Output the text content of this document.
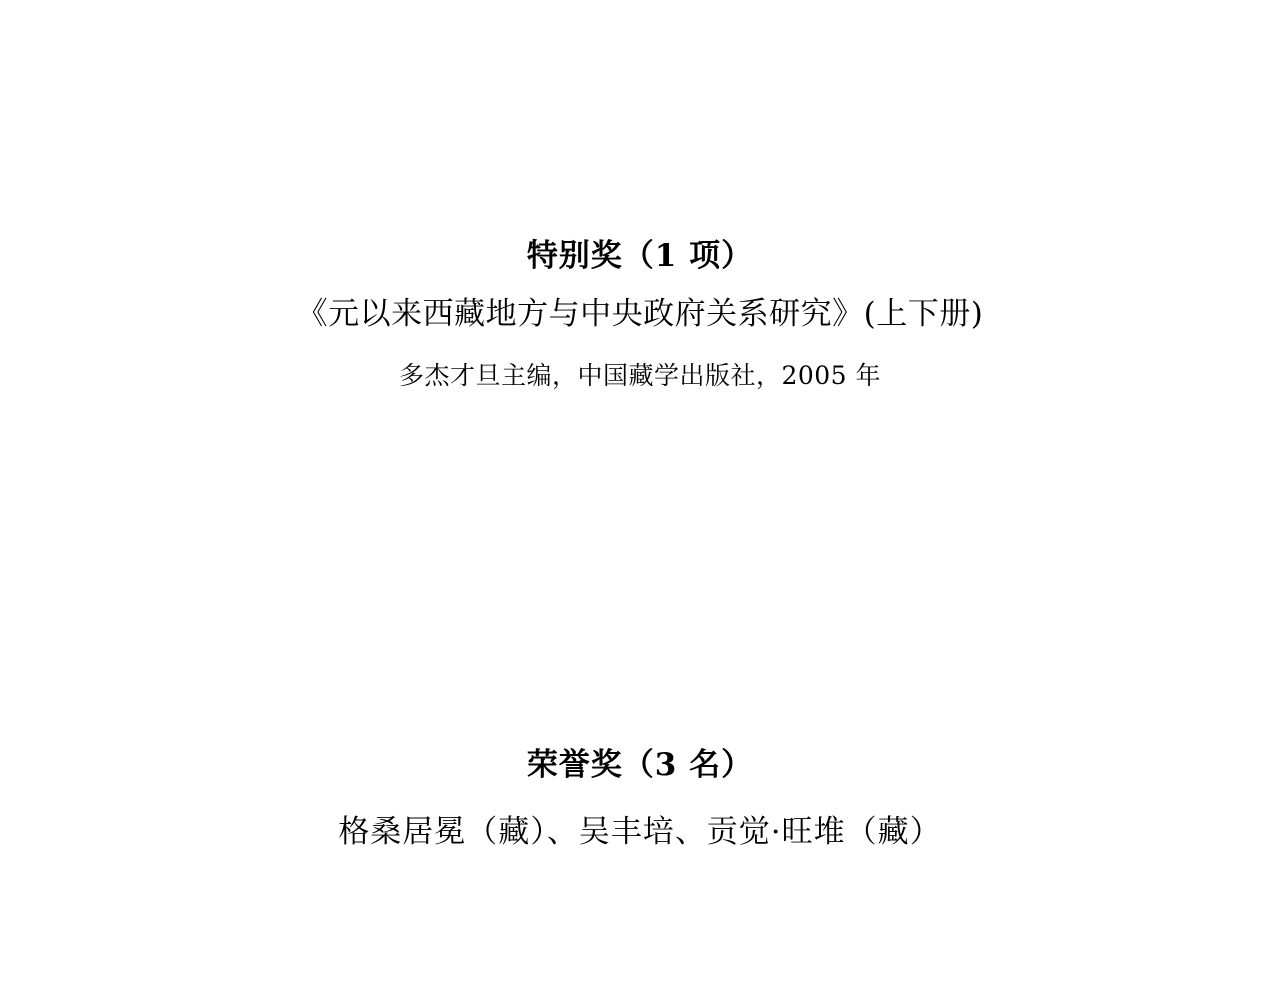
特别奖（1 项）

《元以来西藏地方与中央政府关系研究》(上下册)

多杰才旦主编，中国藏学出版社，2005 年

荣誉奖（3 名）

格桑居冕（藏）、吴丰培、贡觉·旺堆（藏）
